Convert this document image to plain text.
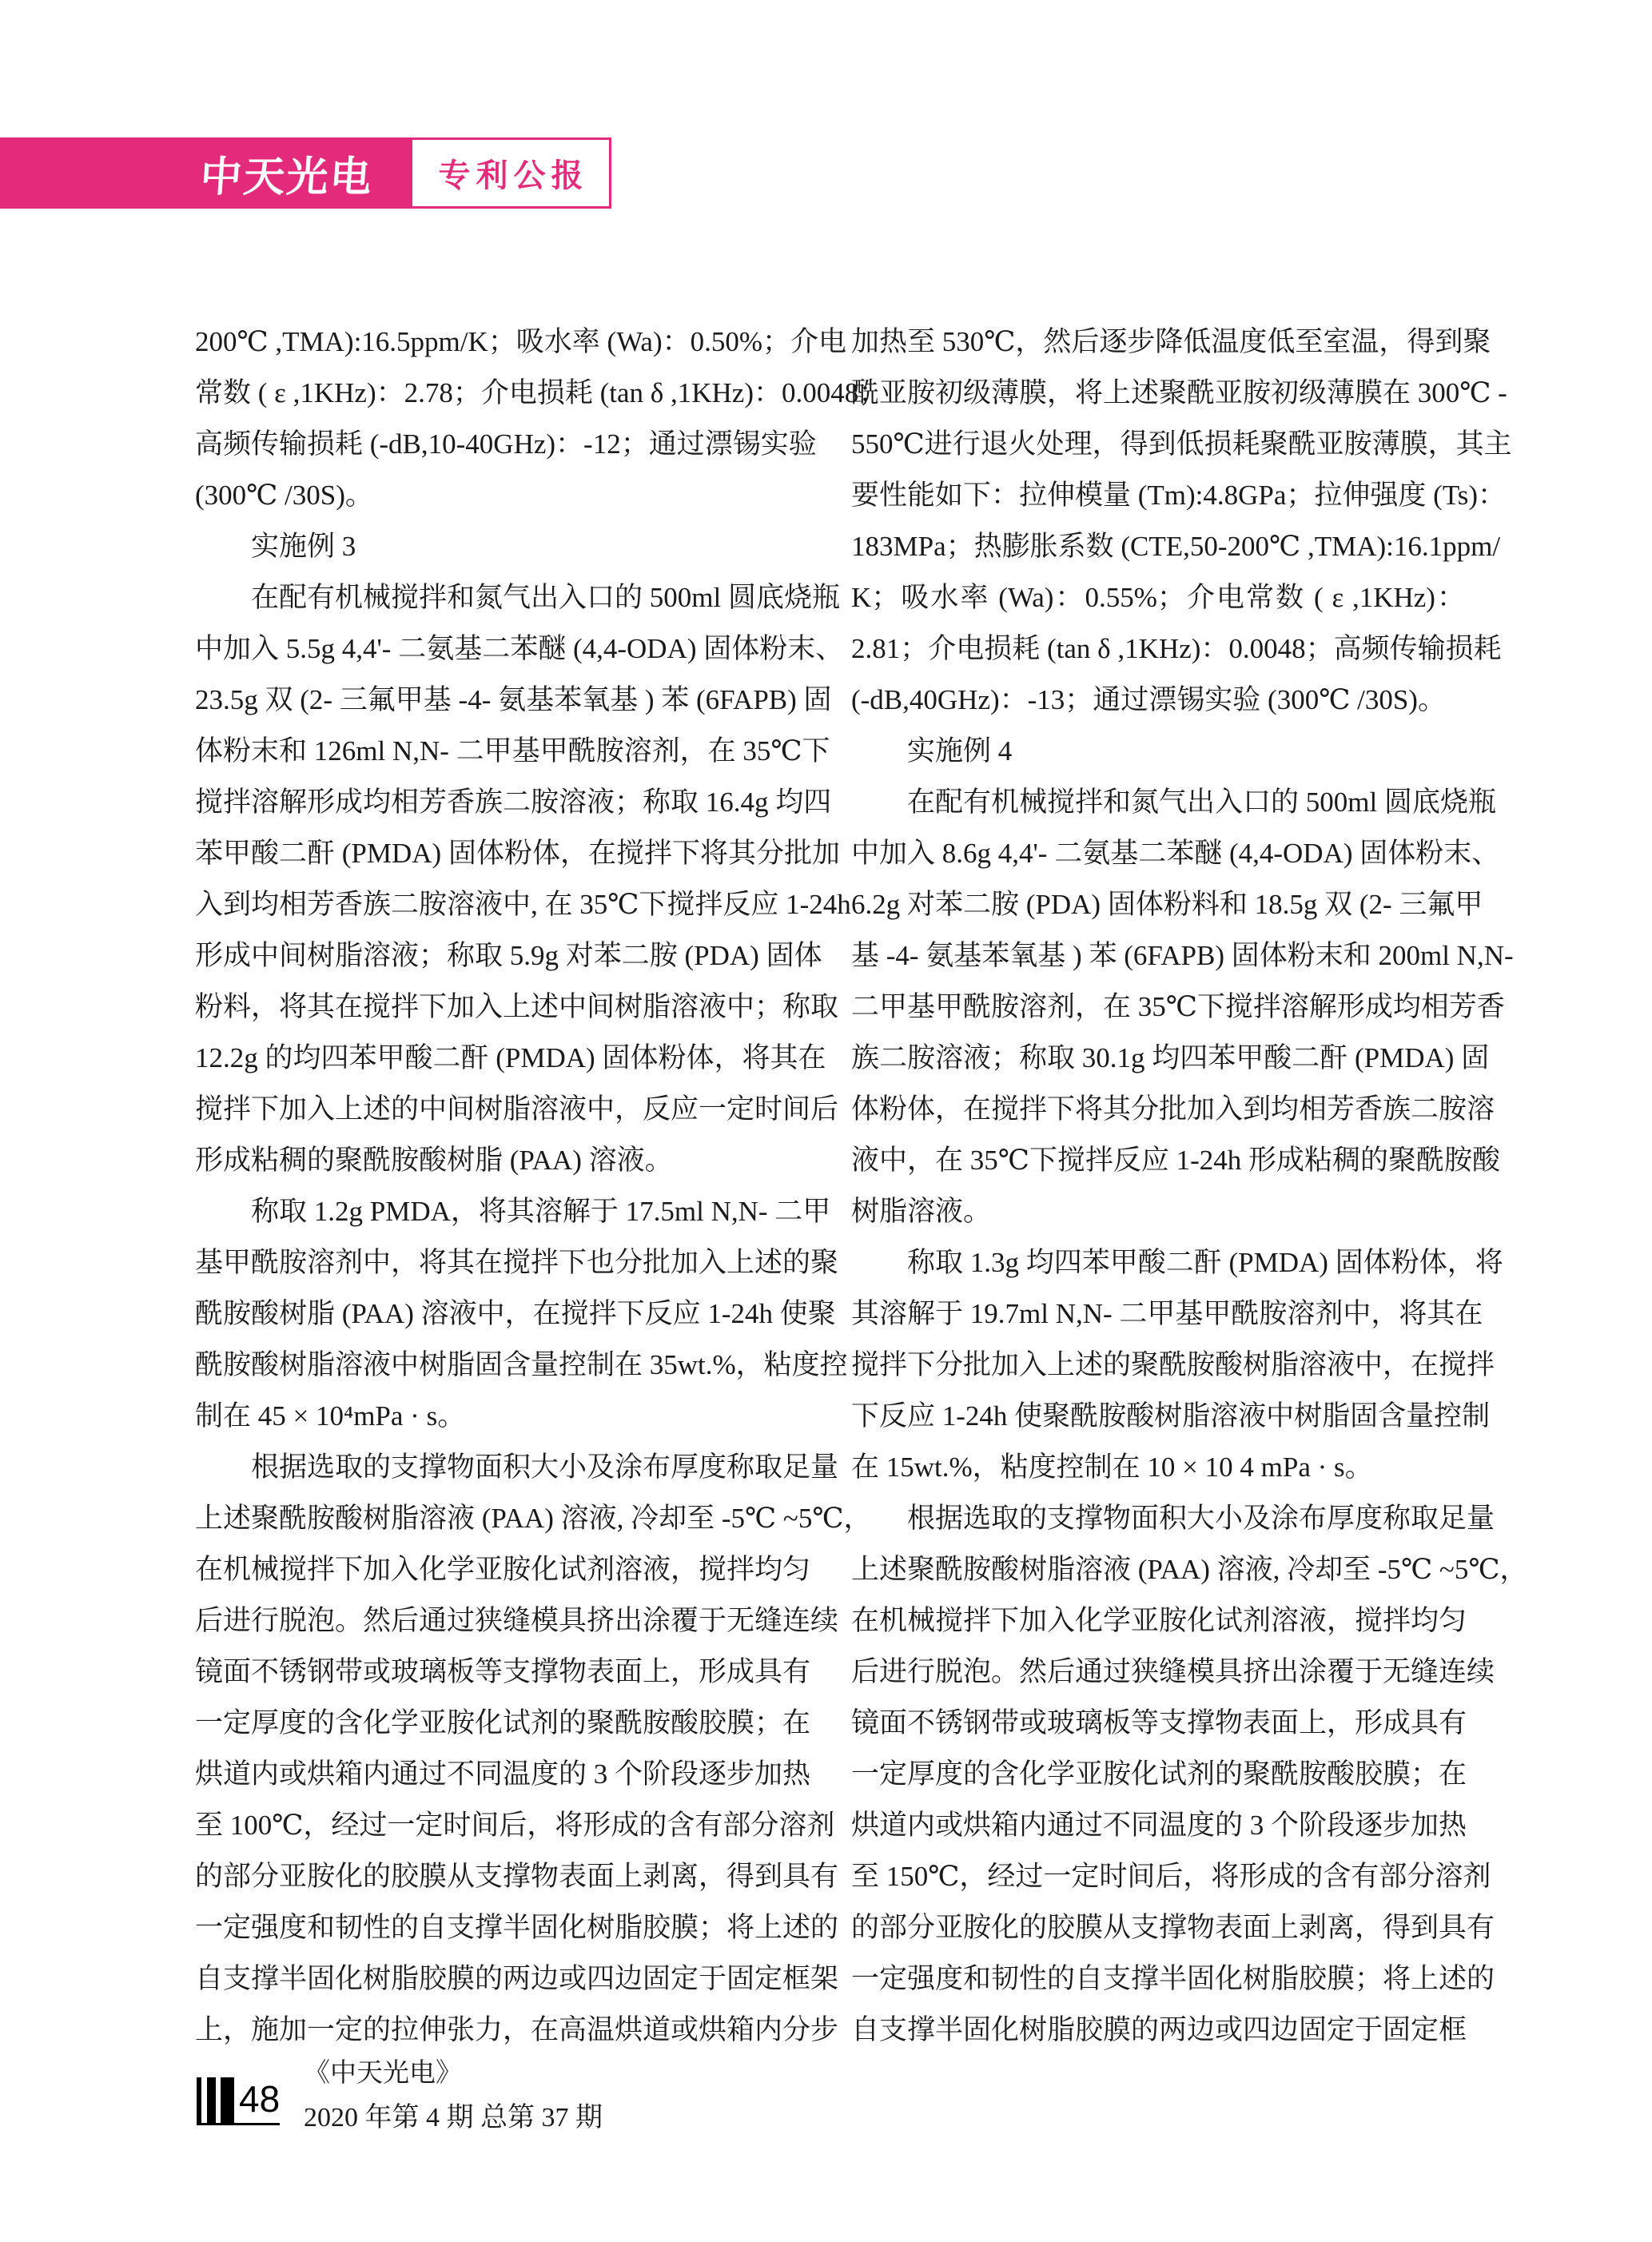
中天光电 专利公报
200℃ ,TMA):16.5ppm/K；吸水率 (Wa)：0.50%；介电
常数 ( ε ,1KHz)：2.78；介电损耗 (tan δ ,1KHz)：0.0048；
高频传输损耗 (-dB,10-40GHz)：-12；通过漂锡实验
(300℃ /30S)。
实施例 3
在配有机械搅拌和氮气出入口的 500ml 圆底烧瓶
中加入 5.5g 4,4'- 二氨基二苯醚 (4,4-ODA) 固体粉末、
23.5g 双 (2- 三氟甲基 -4- 氨基苯氧基 ) 苯 (6FAPB) 固
体粉末和 126ml N,N- 二甲基甲酰胺溶剂，在 35℃下
搅拌溶解形成均相芳香族二胺溶液；称取 16.4g 均四
苯甲酸二酐 (PMDA) 固体粉体，在搅拌下将其分批加
入到均相芳香族二胺溶液中, 在 35℃下搅拌反应 1-24h
形成中间树脂溶液；称取 5.9g 对苯二胺 (PDA) 固体
粉料，将其在搅拌下加入上述中间树脂溶液中；称取
12.2g 的均四苯甲酸二酐 (PMDA) 固体粉体，将其在
搅拌下加入上述的中间树脂溶液中，反应一定时间后
形成粘稠的聚酰胺酸树脂 (PAA) 溶液。
称取 1.2g PMDA，将其溶解于 17.5ml N,N- 二甲
基甲酰胺溶剂中，将其在搅拌下也分批加入上述的聚
酰胺酸树脂 (PAA) 溶液中，在搅拌下反应 1-24h 使聚
酰胺酸树脂溶液中树脂固含量控制在 35wt.%，粘度控
制在 45 × 10⁴mPa · s。
根据选取的支撑物面积大小及涂布厚度称取足量
上述聚酰胺酸树脂溶液 (PAA) 溶液, 冷却至 -5℃ ~5℃，
在机械搅拌下加入化学亚胺化试剂溶液，搅拌均匀
后进行脱泡。然后通过狭缝模具挤出涂覆于无缝连续
镜面不锈钢带或玻璃板等支撑物表面上，形成具有
一定厚度的含化学亚胺化试剂的聚酰胺酸胶膜；在
烘道内或烘箱内通过不同温度的 3 个阶段逐步加热
至 100℃，经过一定时间后，将形成的含有部分溶剂
的部分亚胺化的胶膜从支撑物表面上剥离，得到具有
一定强度和韧性的自支撑半固化树脂胶膜；将上述的
自支撑半固化树脂胶膜的两边或四边固定于固定框架
上，施加一定的拉伸张力，在高温烘道或烘箱内分步
加热至 530℃，然后逐步降低温度低至室温，得到聚
酰亚胺初级薄膜，将上述聚酰亚胺初级薄膜在 300℃ -
550℃进行退火处理，得到低损耗聚酰亚胺薄膜，其主
要性能如下：拉伸模量 (Tm):4.8GPa；拉伸强度 (Ts)：
183MPa；热膨胀系数 (CTE,50-200℃ ,TMA):16.1ppm/
K；吸水率 (Wa)：0.55%；介电常数 ( ε ,1KHz)：
2.81；介电损耗 (tan δ ,1KHz)：0.0048；高频传输损耗
(-dB,40GHz)：-13；通过漂锡实验 (300℃ /30S)。
实施例 4
在配有机械搅拌和氮气出入口的 500ml 圆底烧瓶
中加入 8.6g 4,4'- 二氨基二苯醚 (4,4-ODA) 固体粉末、
6.2g 对苯二胺 (PDA) 固体粉料和 18.5g 双 (2- 三氟甲
基 -4- 氨基苯氧基 ) 苯 (6FAPB) 固体粉末和 200ml N,N-
二甲基甲酰胺溶剂，在 35℃下搅拌溶解形成均相芳香
族二胺溶液；称取 30.1g 均四苯甲酸二酐 (PMDA) 固
体粉体，在搅拌下将其分批加入到均相芳香族二胺溶
液中，在 35℃下搅拌反应 1-24h 形成粘稠的聚酰胺酸
树脂溶液。
称取 1.3g 均四苯甲酸二酐 (PMDA) 固体粉体，将
其溶解于 19.7ml N,N- 二甲基甲酰胺溶剂中，将其在
搅拌下分批加入上述的聚酰胺酸树脂溶液中，在搅拌
下反应 1-24h 使聚酰胺酸树脂溶液中树脂固含量控制
在 15wt.%，粘度控制在 10 × 10 4 mPa · s。
根据选取的支撑物面积大小及涂布厚度称取足量
上述聚酰胺酸树脂溶液 (PAA) 溶液, 冷却至 -5℃ ~5℃，
在机械搅拌下加入化学亚胺化试剂溶液，搅拌均匀
后进行脱泡。然后通过狭缝模具挤出涂覆于无缝连续
镜面不锈钢带或玻璃板等支撑物表面上，形成具有
一定厚度的含化学亚胺化试剂的聚酰胺酸胶膜；在
烘道内或烘箱内通过不同温度的 3 个阶段逐步加热
至 150℃，经过一定时间后，将形成的含有部分溶剂
的部分亚胺化的胶膜从支撑物表面上剥离，得到具有
一定强度和韧性的自支撑半固化树脂胶膜；将上述的
自支撑半固化树脂胶膜的两边或四边固定于固定框
48
《中天光电》
2020 年第 4 期 总第 37 期
